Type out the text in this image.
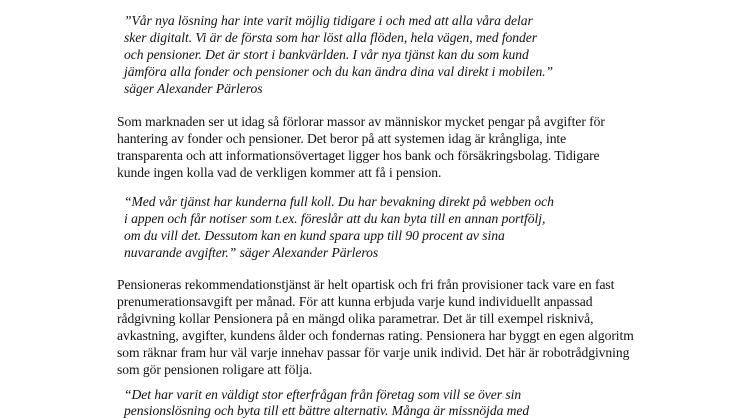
”Vår nya lösning har inte varit möjlig tidigare i och med att alla våra delar
sker digitalt. Vi är de första som har löst alla flöden, hela vägen, med fonder
och pensioner. Det är stort i bankvärlden. I vår nya tjänst kan du som kund
jämföra alla fonder och pensioner och du kan ändra dina val direkt i mobilen.”
säger Alexander Pärleros
Som marknaden ser ut idag så förlorar massor av människor mycket pengar på avgifter för
hantering av fonder och pensioner. Det beror på att systemen idag är krångliga, inte
transparenta och att informationsövertaget ligger hos bank och försäkringsbolag. Tidigare
kunde ingen kolla vad de verkligen kommer att få i pension.
“Med vår tjänst har kunderna full koll. Du har bevakning direkt på webben och
i appen och får notiser som t.ex. föreslår att du kan byta till en annan portfölj,
om du vill det. Dessutom kan en kund spara upp till 90 procent av sina
nuvarande avgifter.” säger Alexander Pärleros
Pensioneras rekommendationstjänst är helt opartisk och fri från provisioner tack vare en fast
prenumerationsavgift per månad. För att kunna erbjuda varje kund individuellt anpassad
rådgivning kollar Pensionera på en mängd olika parametrar. Det är till exempel risknivå,
avkastning, avgifter, kundens ålder och fondernas rating. Pensionera har byggt en egen algoritm
som räknar fram hur väl varje innehav passar för varje unik individ. Det här är robotrådgivning
som gör pensionen roligare att följa.
“Det har varit en väldigt stor efterfrågan från företag som vill se över sin
pensionslösning och byta till ett bättre alternativ. Många är missnöjda med
